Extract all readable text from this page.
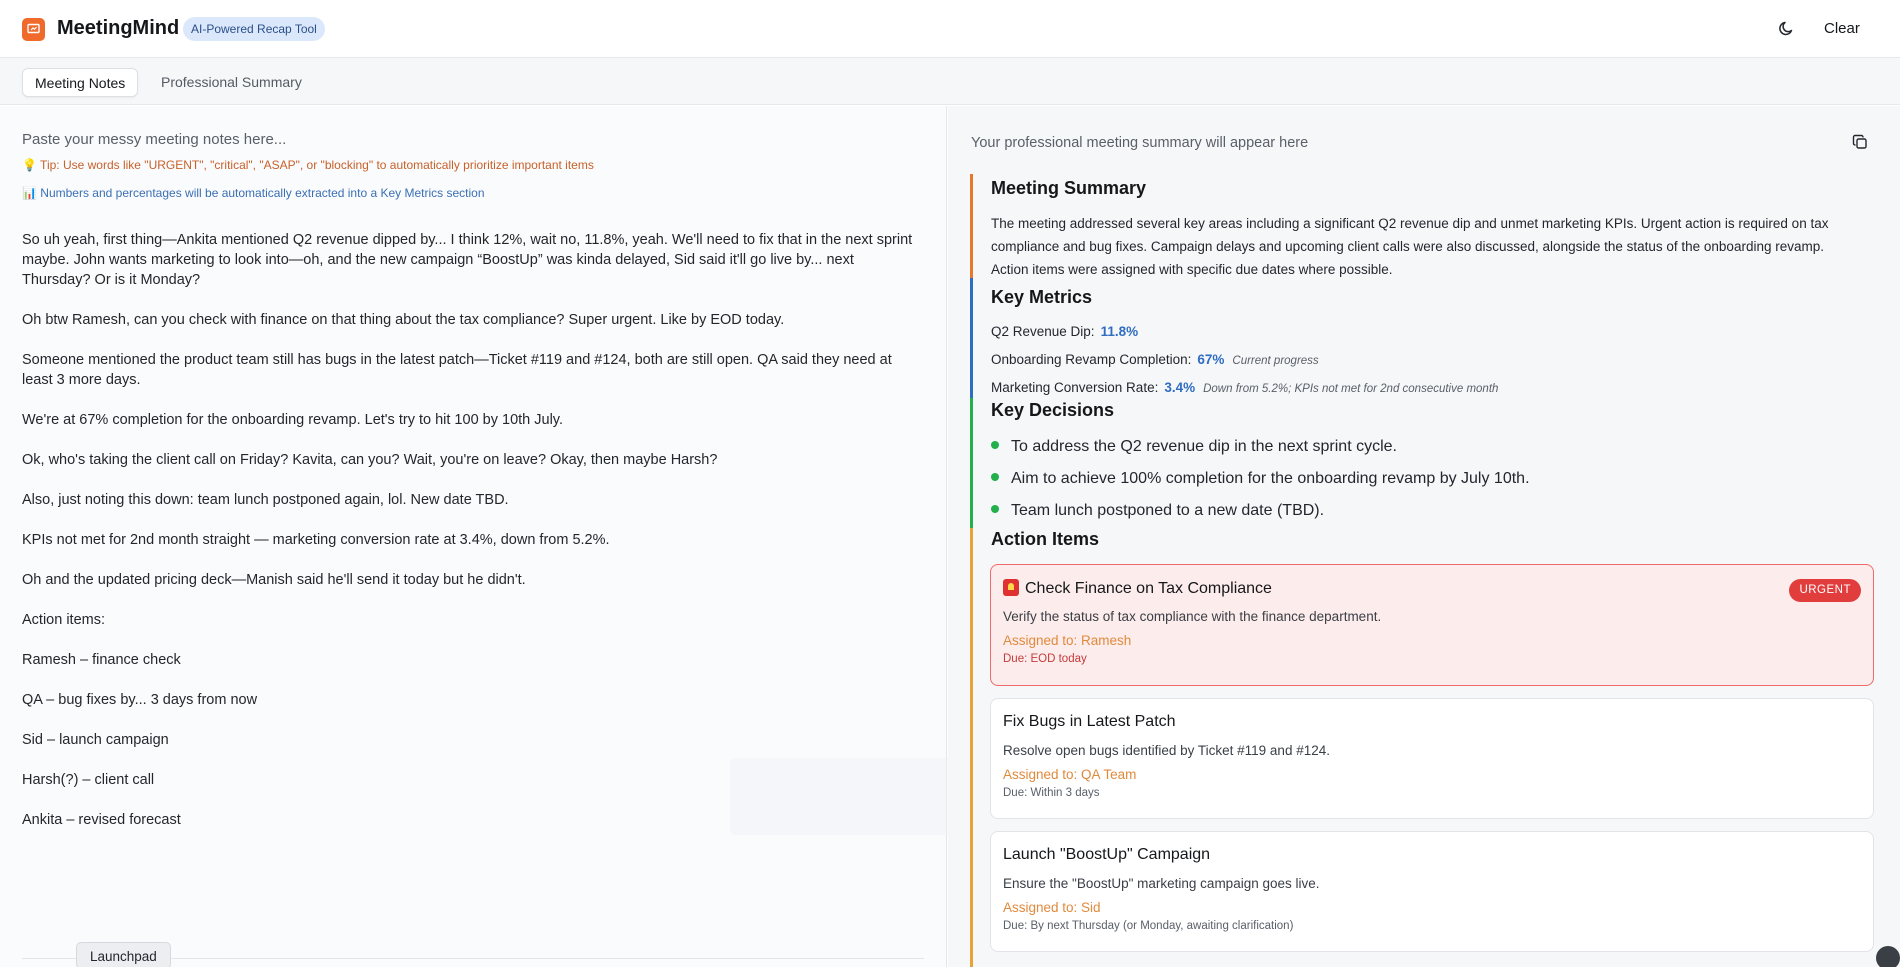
MeetingMind AI-Powered Recap Tool	Clear
Meeting Notes	Professional Summary
Paste your messy meeting notes here...
💡 Tip: Use words like "URGENT", "critical", "ASAP", or "blocking" to automatically prioritize important items
📊 Numbers and percentages will be automatically extracted into a Key Metrics section

So uh yeah, first thing—Ankita mentioned Q2 revenue dipped by... I think 12%, wait no, 11.8%, yeah. We'll need to fix that in the next sprint maybe. John wants marketing to look into—oh, and the new campaign “BoostUp” was kinda delayed, Sid said it'll go live by... next Thursday? Or is it Monday?

Oh btw Ramesh, can you check with finance on that thing about the tax compliance? Super urgent. Like by EOD today.

Someone mentioned the product team still has bugs in the latest patch—Ticket #119 and #124, both are still open. QA said they need at least 3 more days.

We're at 67% completion for the onboarding revamp. Let's try to hit 100 by 10th July.

Ok, who's taking the client call on Friday? Kavita, can you? Wait, you're on leave? Okay, then maybe Harsh?

Also, just noting this down: team lunch postponed again, lol. New date TBD.

KPIs not met for 2nd month straight — marketing conversion rate at 3.4%, down from 5.2%.

Oh and the updated pricing deck—Manish said he'll send it today but he didn't.

Action items:

Ramesh – finance check

QA – bug fixes by... 3 days from now

Sid – launch campaign

Harsh(?) – client call

Ankita – revised forecast

Launchpad
Your professional meeting summary will appear here
Meeting Summary
The meeting addressed several key areas including a significant Q2 revenue dip and unmet marketing KPIs. Urgent action is required on tax compliance and bug fixes. Campaign delays and upcoming client calls were also discussed, alongside the status of the onboarding revamp. Action items were assigned with specific due dates where possible.
Key Metrics
Q2 Revenue Dip: 11.8%
Onboarding Revamp Completion: 67% Current progress
Marketing Conversion Rate: 3.4% Down from 5.2%; KPIs not met for 2nd consecutive month
Key Decisions
To address the Q2 revenue dip in the next sprint cycle.
Aim to achieve 100% completion for the onboarding revamp by July 10th.
Team lunch postponed to a new date (TBD).
Action Items
Check Finance on Tax Compliance	URGENT
Verify the status of tax compliance with the finance department.
Assigned to: Ramesh
Due: EOD today
Fix Bugs in Latest Patch
Resolve open bugs identified by Ticket #119 and #124.
Assigned to: QA Team
Due: Within 3 days
Launch "BoostUp" Campaign
Ensure the "BoostUp" marketing campaign goes live.
Assigned to: Sid
Due: By next Thursday (or Monday, awaiting clarification)
